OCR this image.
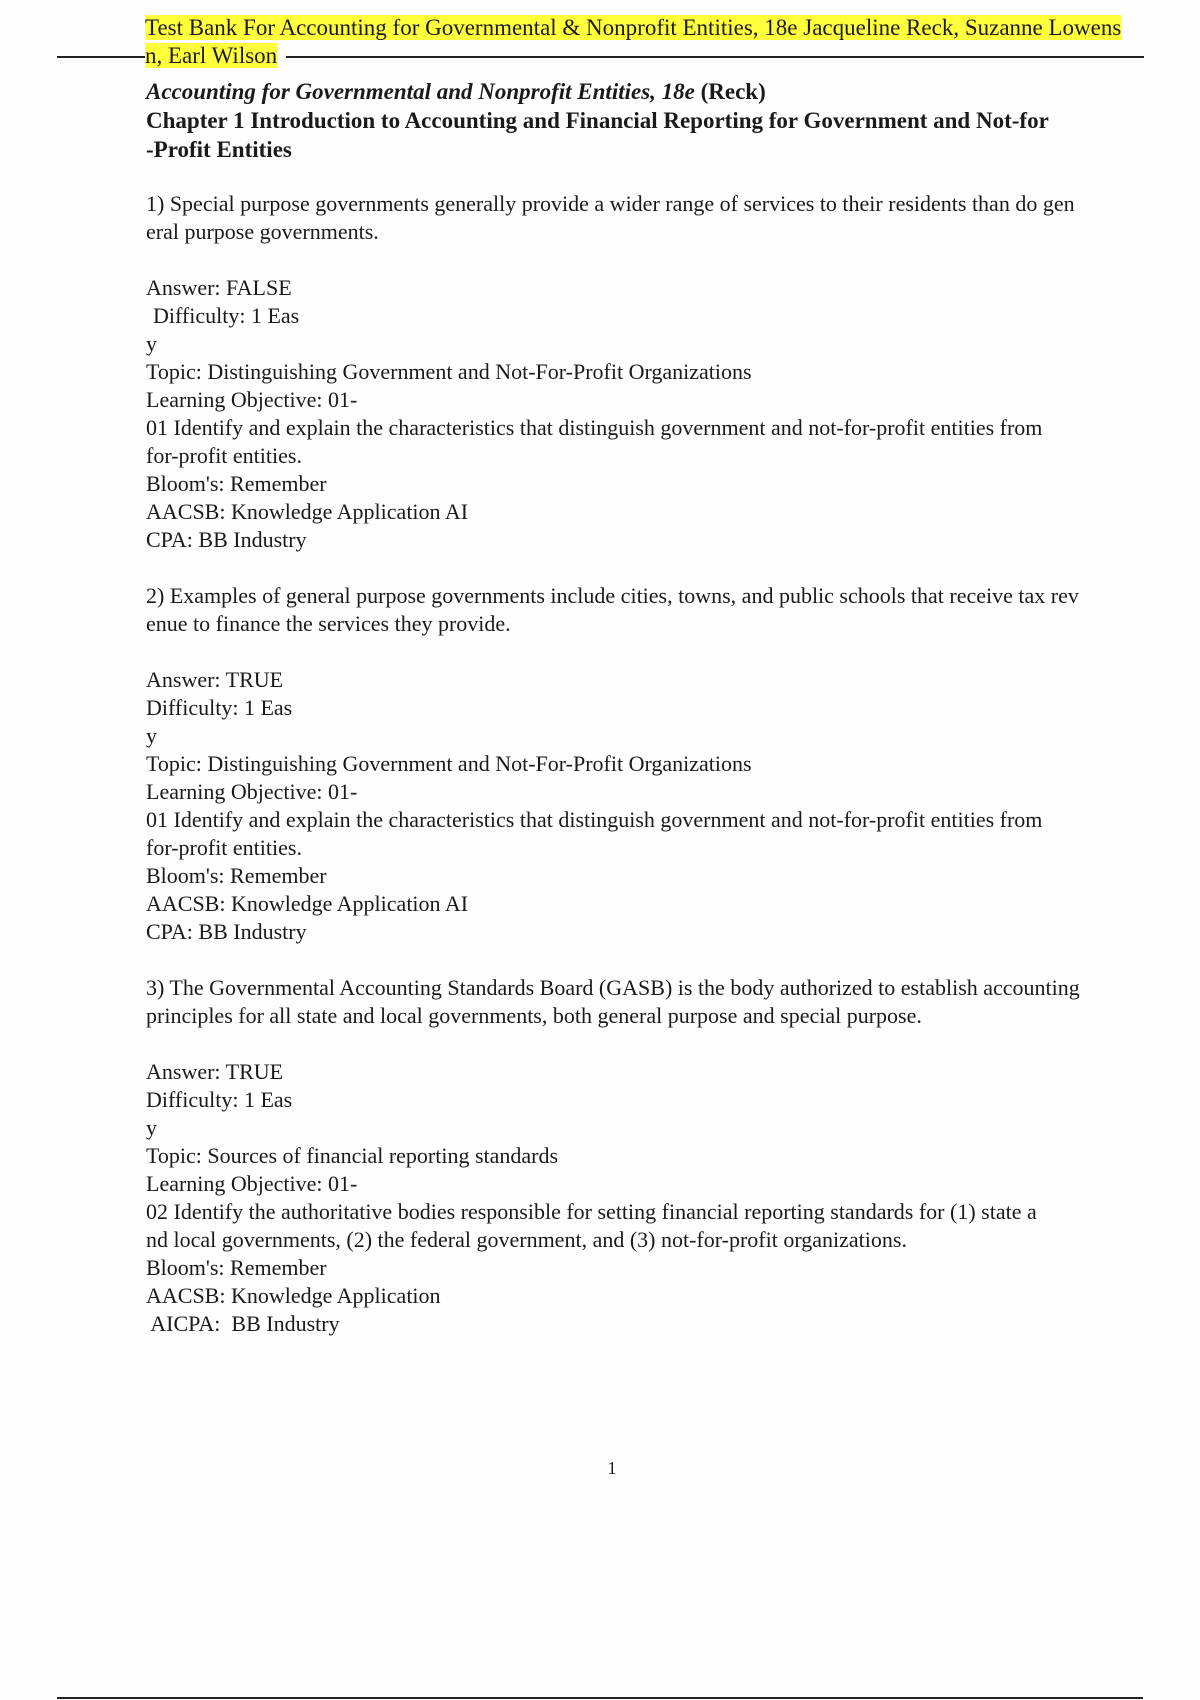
Test Bank For Accounting for Governmental & Nonprofit Entities, 18e Jacqueline Reck, Suzanne Lowens
n, Earl Wilson
Accounting for Governmental and Nonprofit Entities, 18e (Reck)
Chapter 1 Introduction to Accounting and Financial Reporting for Government and Not-for-Profit Entities
1) Special purpose governments generally provide a wider range of services to their residents than do general purpose governments.
Answer: FALSE
Difficulty: 1 Eas
y
Topic: Distinguishing Government and Not-For-Profit Organizations
Learning Objective: 01-
01 Identify and explain the characteristics that distinguish government and not-for-profit entities from for-profit entities.
Bloom's: Remember
AACSB: Knowledge Application AI
CPA: BB Industry
2) Examples of general purpose governments include cities, towns, and public schools that receive tax revenue to finance the services they provide.
Answer: TRUE
Difficulty: 1 Eas
y
Topic: Distinguishing Government and Not-For-Profit Organizations
Learning Objective: 01-
01 Identify and explain the characteristics that distinguish government and not-for-profit entities from for-profit entities.
Bloom's: Remember
AACSB: Knowledge Application AI
CPA: BB Industry
3) The Governmental Accounting Standards Board (GASB) is the body authorized to establish accounting principles for all state and local governments, both general purpose and special purpose.
Answer: TRUE
Difficulty: 1 Eas
y
Topic: Sources of financial reporting standards
Learning Objective: 01-
02 Identify the authoritative bodies responsible for setting financial reporting standards for (1) state and local governments, (2) the federal government, and (3) not-for-profit organizations.
Bloom's: Remember
AACSB: Knowledge Application
AICPA:  BB Industry
1
